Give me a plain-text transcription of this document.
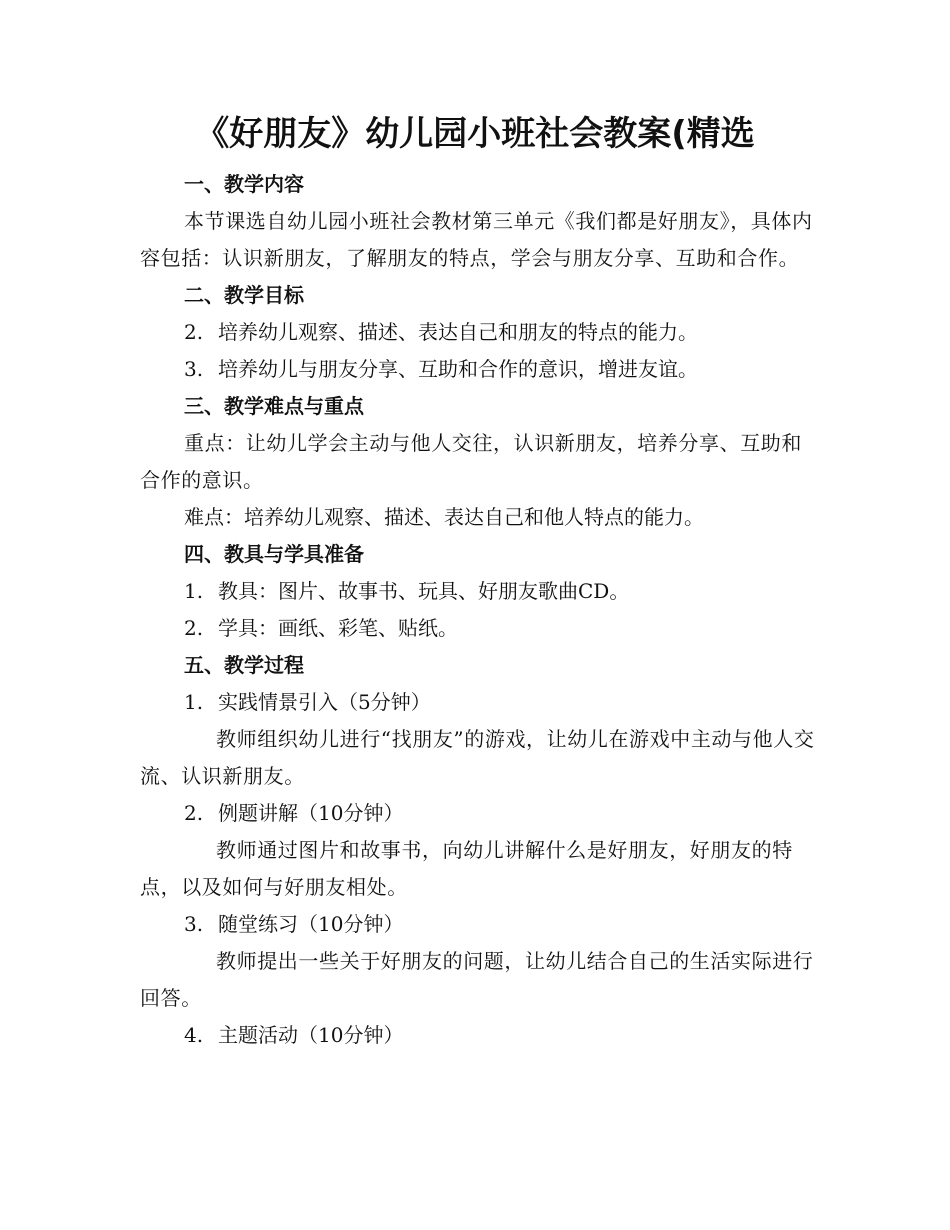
《好朋友》幼儿园小班社会教案(精选

一、教学内容

本节课选自幼儿园小班社会教材第三单元《我们都是好朋友》，具体内容包括：认识新朋友，了解朋友的特点，学会与朋友分享、互助和合作。

二、教学目标

2. 培养幼儿观察、描述、表达自己和朋友的特点的能力。

3. 培养幼儿与朋友分享、互助和合作的意识，增进友谊。

三、教学难点与重点

重点：让幼儿学会主动与他人交往，认识新朋友，培养分享、互助和合作的意识。

难点：培养幼儿观察、描述、表达自己和他人特点的能力。

四、教具与学具准备

1. 教具：图片、故事书、玩具、好朋友歌曲CD。

2. 学具：画纸、彩笔、贴纸。

五、教学过程

1. 实践情景引入（5分钟）

教师组织幼儿进行“找朋友”的游戏，让幼儿在游戏中主动与他人交流、认识新朋友。

2. 例题讲解（10分钟）

教师通过图片和故事书，向幼儿讲解什么是好朋友，好朋友的特点，以及如何与好朋友相处。

3. 随堂练习（10分钟）

教师提出一些关于好朋友的问题，让幼儿结合自己的生活实际进行回答。

4. 主题活动（10分钟）
